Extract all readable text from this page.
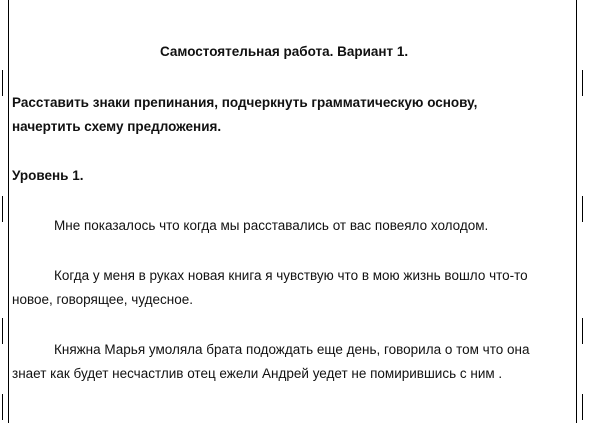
Самостоятельная работа. Вариант 1.
Расставить знаки препинания, подчеркнуть грамматическую основу,
начертить схему предложения.
Уровень 1.
Мне показалось что когда мы расставались от вас повеяло холодом.
Когда у меня в руках новая книга я чувствую что в мою жизнь вошло что-то
новое, говорящее, чудесное.
Княжна Марья умоляла брата подождать еще день, говорила о том что она
знает как будет несчастлив отец ежели Андрей уедет не помирившись с ним .
